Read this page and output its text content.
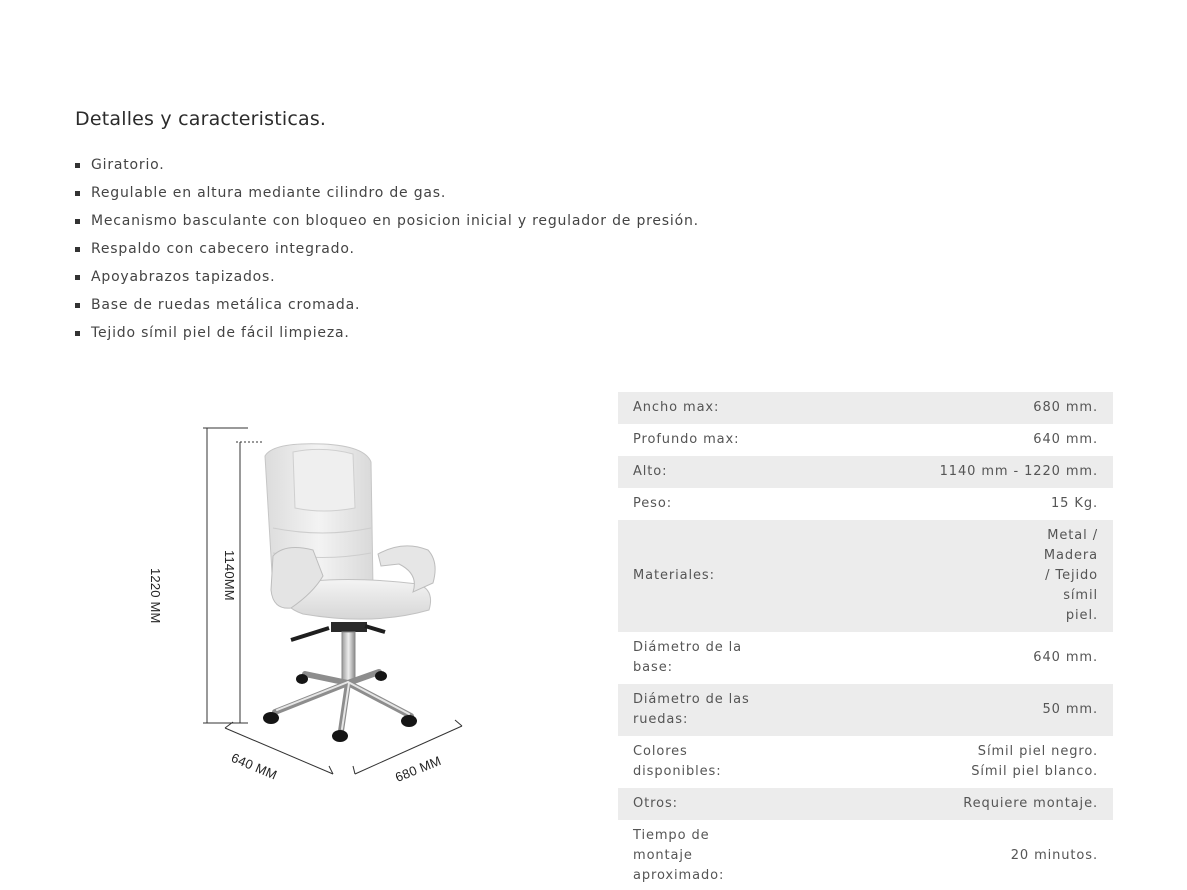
Detalles y caracteristicas.
Giratorio.
Regulable en altura mediante cilindro de gas.
Mecanismo basculante con bloqueo en posicion inicial y regulador de presión.
Respaldo con cabecero integrado.
Apoyabrazos tapizados.
Base de ruedas metálica cromada.
Tejido símil piel de fácil limpieza.
1220 MM	1140MM
640 MM	680 MM
Ancho max:	680 mm.
Profundo max:	640 mm.
Alto:	1140 mm - 1220 mm.
Peso:	15 Kg.
Materiales:	Metal / Madera / Tejido símil piel.
Diámetro de la base:	640 mm.
Diámetro de las ruedas:	50 mm.
Colores disponibles:	Símil piel negro.
Símil piel blanco.

Otros:	Requiere montaje.
Tiempo de montaje aproximado:	20 minutos.
